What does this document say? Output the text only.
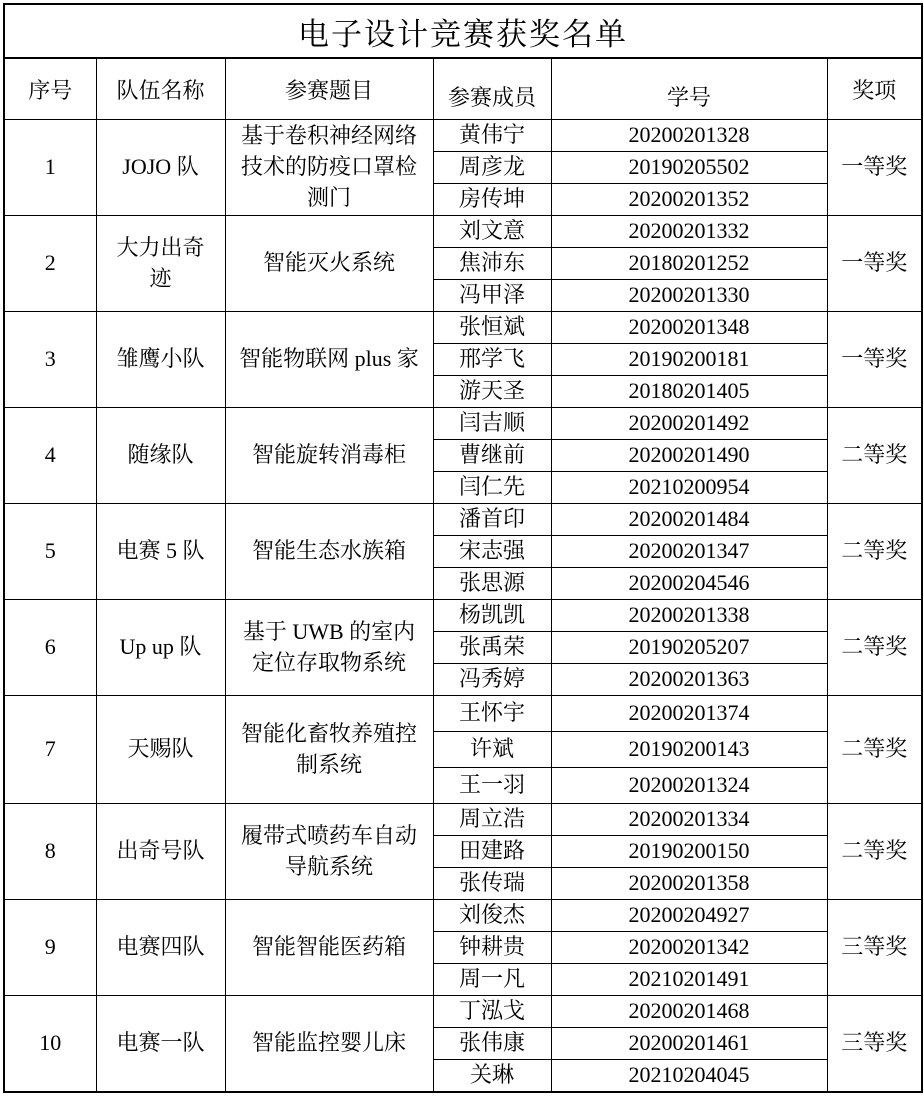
电子设计竞赛获奖名单					
序号	队伍名称	参赛题目	参赛成员	学号	奖项
1	JOJO 队	基于卷积神经网络技术的防疫口罩检测门	黄伟宁	20200201328	一等奖
			周彦龙	20190205502	
			房传坤	20200201352	
2	大力出奇迹	智能灭火系统	刘文意	20200201332	一等奖
			焦沛东	20180201252	
			冯甲泽	20200201330	
3	雏鹰小队	智能物联网 plus 家	张恒斌	20200201348	一等奖
			邢学飞	20190200181	
			游天圣	20180201405	
4	随缘队	智能旋转消毒柜	闫吉顺	20200201492	二等奖
			曹继前	20200201490	
			闫仁先	20210200954	
5	电赛 5 队	智能生态水族箱	潘首印	20200201484	二等奖
			宋志强	20200201347	
			张思源	20200204546	
6	Up up 队	基于 UWB 的室内定位存取物系统	杨凯凯	20200201338	二等奖
			张禹荣	20190205207	
			冯秀婷	20200201363	
7	天赐队	智能化畜牧养殖控制系统	王怀宇	20200201374	二等奖
			许斌	20190200143	
			王一羽	20200201324	
8	出奇号队	履带式喷药车自动导航系统	周立浩	20200201334	二等奖
			田建路	20190200150	
			张传瑞	20200201358	
9	电赛四队	智能智能医药箱	刘俊杰	20200204927	三等奖
			钟耕贵	20200201342	
			周一凡	20210201491	
10	电赛一队	智能监控婴儿床	丁泓戈	20200201468	三等奖
			张伟康	20200201461	
			关琳	20210204045	
